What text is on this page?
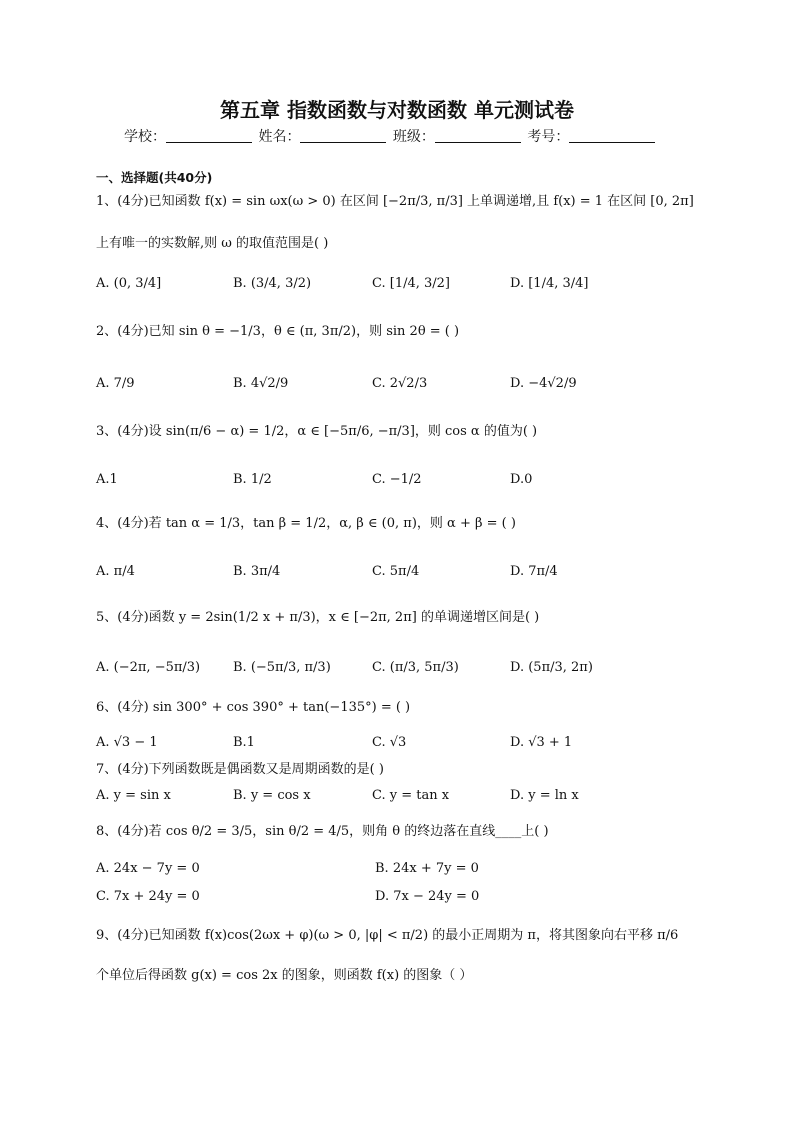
第五章 指数函数与对数函数 单元测试卷
学校：	姓名：	班级：	考号：
一、选择题(共40分)
1、(4分)已知函数 f(x) = sin ωx(ω > 0) 在区间 [−2π/3, π/3] 上单调递增,且 f(x) = 1 在区间 [0, 2π]
上有唯一的实数解,则 ω 的取值范围是( )
A. (0, 3/4]	B. (3/4, 3/2)	C. [1/4, 3/2]	D. [1/4, 3/4]
2、(4分)已知 sin θ = −1/3，θ ∈ (π, 3π/2)，则 sin 2θ = ( )
A. 7/9	B. 4√2/9	C. 2√2/3	D. −4√2/9
3、(4分)设 sin(π/6 − α) = 1/2，α ∈ [−5π/6, −π/3]，则 cos α 的值为( )
A.1	B. 1/2	C. −1/2	D.0
4、(4分)若 tan α = 1/3，tan β = 1/2，α, β ∈ (0, π)，则 α + β = ( )
A. π/4	B. 3π/4	C. 5π/4	D. 7π/4
5、(4分)函数 y = 2sin(1/2 x + π/3)，x ∈ [−2π, 2π] 的单调递增区间是( )
A. (−2π, −5π/3)	B. (−5π/3, π/3)	C. (π/3, 5π/3)	D. (5π/3, 2π)
6、(4分) sin 300° + cos 390° + tan(−135°) = ( )
A. √3 − 1	B.1	C. √3	D. √3 + 1
7、(4分)下列函数既是偶函数又是周期函数的是( )
A. y = sin x	B. y = cos x	C. y = tan x	D. y = ln x
8、(4分)若 cos θ/2 = 3/5，sin θ/2 = 4/5，则角 θ 的终边落在直线____上( )
A. 24x − 7y = 0	B. 24x + 7y = 0
C. 7x + 24y = 0	D. 7x − 24y = 0
9、(4分)已知函数 f(x)cos(2ωx + φ)(ω > 0, |φ| < π/2) 的最小正周期为 π，将其图象向右平移 π/6
个单位后得函数 g(x) = cos 2x 的图象，则函数 f(x) 的图象（ ）
